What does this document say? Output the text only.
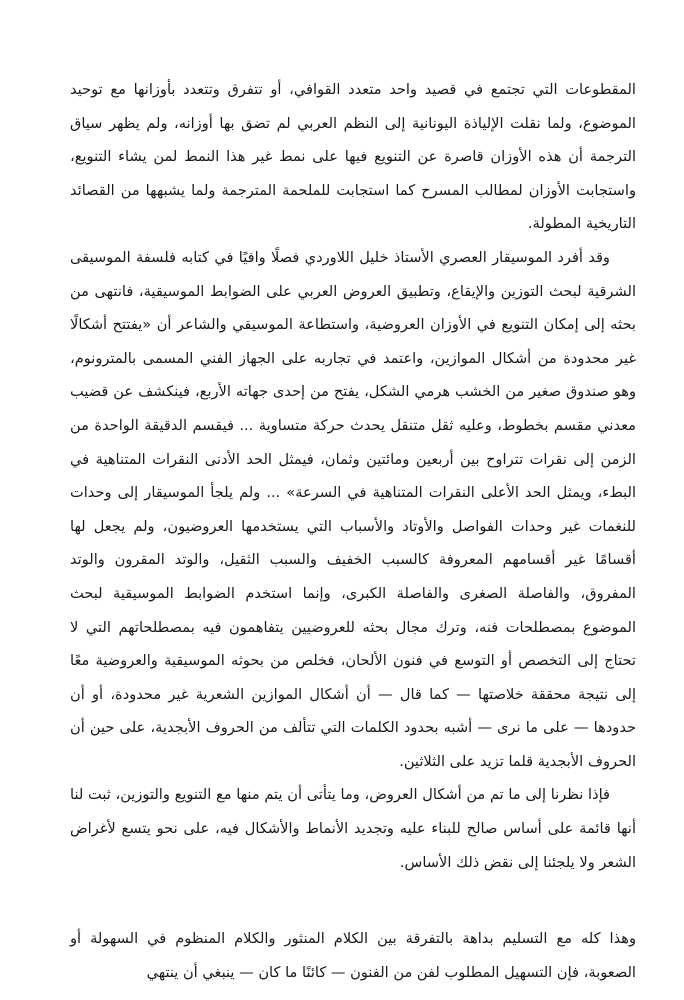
المقطوعات التي تجتمع في قصيد واحد متعدد القوافي، أو تتفرق وتتعدد بأوزانها مع توحيد الموضوع، ولما نقلت الإلياذة اليونانية إلى النظم العربي لم تضق بها أوزانه، ولم يظهر سياق الترجمة أن هذه الأوزان قاصرة عن التنويع فيها على نمط غير هذا النمط لمن يشاء التنويع، واستجابت الأوزان لمطالب المسرح كما استجابت للملحمة المترجمة ولما يشبهها من القصائد التاريخية المطولة.

وقد أفرد الموسيقار العصري الأستاذ خليل اللاوردي فصلًا وافيًا في كتابه فلسفة الموسيقى الشرقية لبحث التوزين والإيقاع، وتطبيق العروض العربي على الضوابط الموسيقية، فانتهى من بحثه إلى إمكان التنويع في الأوزان العروضية، واستطاعة الموسيقي والشاعر أن «يفتتح أشكالًا غير محدودة من أشكال الموازين، واعتمد في تجاربه على الجهاز الفني المسمى بالمترونوم، وهو صندوق صغير من الخشب هرمي الشكل، يفتح من إحدى جهاته الأربع، فينكشف عن قضيب معدني مقسم بخطوط، وعليه ثقل متنقل يحدث حركة متساوية ... فيقسم الدقيقة الواحدة من الزمن إلى نقرات تتراوح بين أربعين ومائتين وثمان، فيمثل الحد الأدنى النقرات المتناهية في البطء، ويمثل الحد الأعلى النقرات المتناهية في السرعة» ... ولم يلجأ الموسيقار إلى وحدات للنغمات غير وحدات الفواصل والأوتاد والأسباب التي يستخدمها العروضيون، ولم يجعل لها أقسامًا غير أقسامهم المعروفة كالسبب الخفيف والسبب الثقيل، والوتد المقرون والوتد المفروق، والفاصلة الصغرى والفاصلة الكبرى، وإنما استخدم الضوابط الموسيقية لبحث الموضوع بمصطلحات فنه، وترك مجال بحثه للعروضيين يتفاهمون فيه بمصطلحاتهم التي لا تحتاج إلى التخصص أو التوسع في فنون الألحان، فخلص من بحوثه الموسيقية والعروضية معًا إلى نتيجة محققة خلاصتها — كما قال — أن أشكال الموازين الشعرية غير محدودة، أو أن حدودها — على ما نرى — أشبه بحدود الكلمات التي تتألف من الحروف الأبجدية، على حين أن الحروف الأبجدية قلما تزيد على الثلاثين.

فإذا نظرنا إلى ما تم من أشكال العروض، وما يتأتى أن يتم منها مع التنويع والتوزين، ثبت لنا أنها قائمة على أساس صالح للبناء عليه وتجديد الأنماط والأشكال فيه، على نحو يتسع لأغراض الشعر ولا يلجئنا إلى نقض ذلك الأساس.

وهذا كله مع التسليم بداهة بالتفرقة بين الكلام المنثور والكلام المنظوم في السهولة أو الصعوبة، فإن التسهيل المطلوب لفن من الفنون — كائنًا ما كان — ينبغي أن ينتهي
